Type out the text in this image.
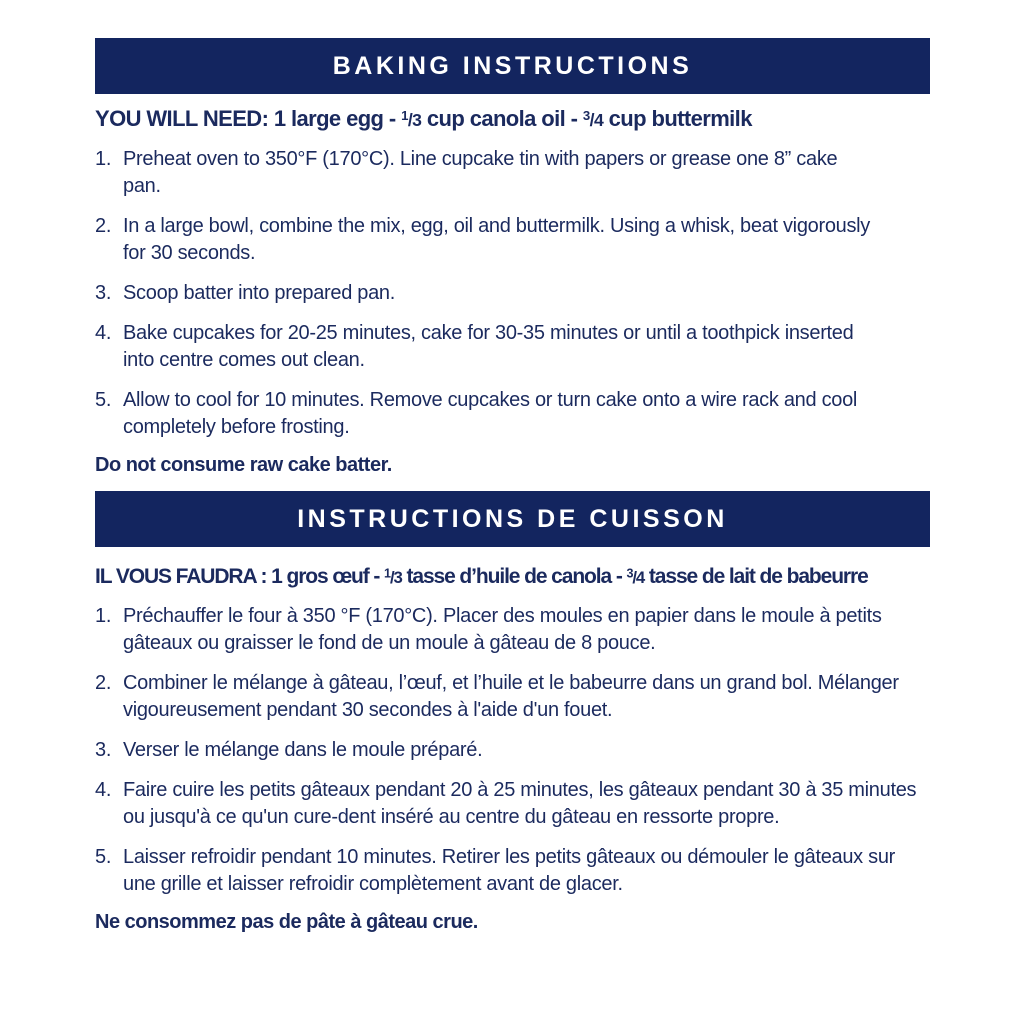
BAKING INSTRUCTIONS
YOU WILL NEED: 1 large egg - $^1$/3 cup canola oil - $^3$/4 cup buttermilk
1. Preheat oven to 350°F (170°C). Line cupcake tin with papers or grease one 8” cake pan.
2. In a large bowl, combine the mix, egg, oil and buttermilk. Using a whisk, beat vigorously for 30 seconds.
3. Scoop batter into prepared pan.
4. Bake cupcakes for 20-25 minutes, cake for 30-35 minutes or until a toothpick inserted into centre comes out clean.
5. Allow to cool for 10 minutes. Remove cupcakes or turn cake onto a wire rack and cool completely before frosting.
Do not consume raw cake batter.
INSTRUCTIONS DE CUISSON
IL VOUS FAUDRA : 1 gros œuf - $^1$/3 tasse d’huile de canola - $^3$/4 tasse de lait de babeurre
1. Préchauffer le four à 350 °F (170°C). Placer des moules en papier dans le moule à petits gâteaux ou graisser le fond de un moule à gâteau de 8 pouce.
2. Combiner le mélange à gâteau, l’œuf, et l’huile et le babeurre dans un grand bol. Mélanger vigoureusement pendant 30 secondes à l'aide d'un fouet.
3. Verser le mélange dans le moule préparé.
4. Faire cuire les petits gâteaux pendant 20 à 25 minutes, les gâteaux pendant 30 à 35 minutes ou jusqu'à ce qu'un cure-dent inséré au centre du gâteau en ressorte propre.
5. Laisser refroidir pendant 10 minutes. Retirer les petits gâteaux ou démouler le gâteaux sur une grille et laisser refroidir complètement avant de glacer.
Ne consommez pas de pâte à gâteau crue.
